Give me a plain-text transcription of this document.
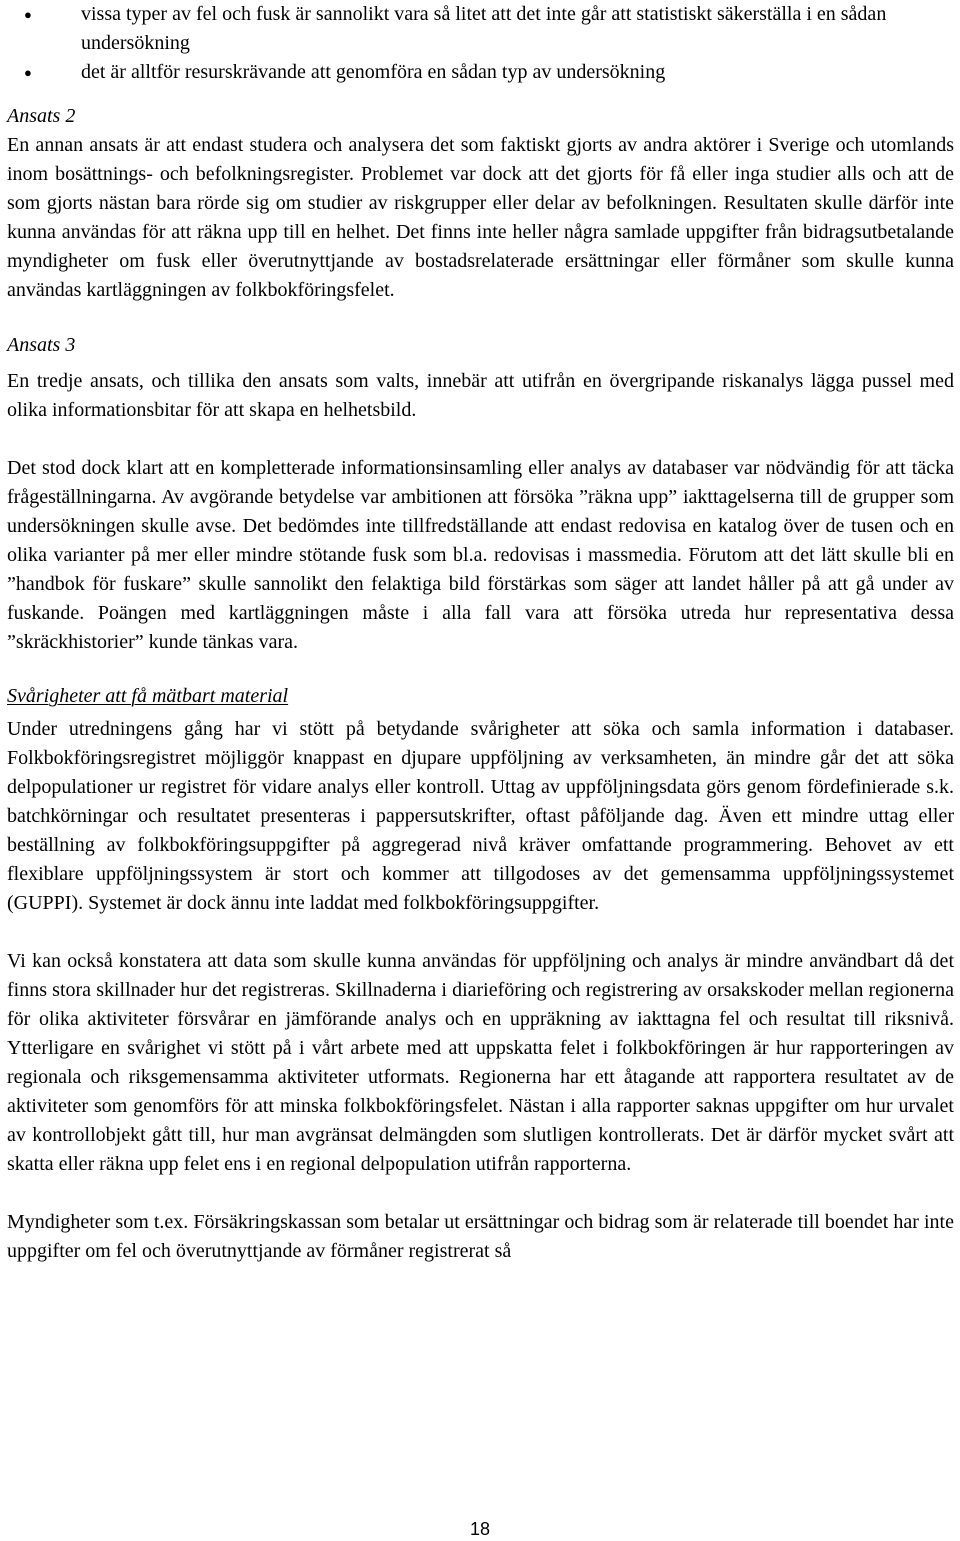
● vissa typer av fel och fusk är sannolikt vara så litet att det inte går att statistiskt säkerställa i en sådan undersökning
● det är alltför resurskrävande att genomföra en sådan typ av undersökning
Ansats 2

En annan ansats är att endast studera och analysera det som faktiskt gjorts av andra aktörer i Sverige och utomlands inom bosättnings- och befolkningsregister. Problemet var dock att det gjorts för få eller inga studier alls och att de som gjorts nästan bara rörde sig om studier av riskgrupper eller delar av befolkningen. Resultaten skulle därför inte kunna användas för att räkna upp till en helhet. Det finns inte heller några samlade uppgifter från bidragsutbetalande myndigheter om fusk eller överutnyttjande av bostadsrelaterade ersättningar eller förmåner som skulle kunna användas kartläggningen av folkbokföringsfelet.

Ansats 3

En tredje ansats, och tillika den ansats som valts, innebär att utifrån en övergripande riskanalys lägga pussel med olika informationsbitar för att skapa en helhetsbild.

Det stod dock klart att en kompletterade informationsinsamling eller analys av databaser var nödvändig för att täcka frågeställningarna. Av avgörande betydelse var ambitionen att försöka ”räkna upp” iakttagelserna till de grupper som undersökningen skulle avse. Det bedömdes inte tillfredställande att endast redovisa en katalog över de tusen och en olika varianter på mer eller mindre stötande fusk som bl.a. redovisas i massmedia. Förutom att det lätt skulle bli en ”handbok för fuskare” skulle sannolikt den felaktiga bild förstärkas som säger att landet håller på att gå under av fuskande. Poängen med kartläggningen måste i alla fall vara att försöka utreda hur representativa dessa ”skräckhistorier” kunde tänkas vara.

Svårigheter att få mätbart material

Under utredningens gång har vi stött på betydande svårigheter att söka och samla information i databaser. Folkbokföringsregistret möjliggör knappast en djupare uppföljning av verksamheten, än mindre går det att söka delpopulationer ur registret för vidare analys eller kontroll. Uttag av uppföljningsdata görs genom fördefinierade s.k. batchkörningar och resultatet presenteras i pappersutskrifter, oftast påföljande dag. Även ett mindre uttag eller beställning av folkbokföringsuppgifter på aggregerad nivå kräver omfattande programmering. Behovet av ett flexiblare uppföljningssystem är stort och kommer att tillgodoses av det gemensamma uppföljningssystemet (GUPPI). Systemet är dock ännu inte laddat med folkbokföringsuppgifter.

Vi kan också konstatera att data som skulle kunna användas för uppföljning och analys är mindre användbart då det finns stora skillnader hur det registreras. Skillnaderna i diarieföring och registrering av orsakskoder mellan regionerna för olika aktiviteter försvårar en jämförande analys och en uppräkning av iakttagna fel och resultat till riksnivå. Ytterligare en svårighet vi stött på i vårt arbete med att uppskatta felet i folkbokföringen är hur rapporteringen av regionala och riksgemensamma aktiviteter utformats. Regionerna har ett åtagande att rapportera resultatet av de aktiviteter som genomförs för att minska folkbokföringsfelet. Nästan i alla rapporter saknas uppgifter om hur urvalet av kontrollobjekt gått till, hur man avgränsat delmängden som slutligen kontrollerats. Det är därför mycket svårt att skatta eller räkna upp felet ens i en regional delpopulation utifrån rapporterna.

Myndigheter som t.ex. Försäkringskassan som betalar ut ersättningar och bidrag som är relaterade till boendet har inte uppgifter om fel och överutnyttjande av förmåner registrerat så

18
